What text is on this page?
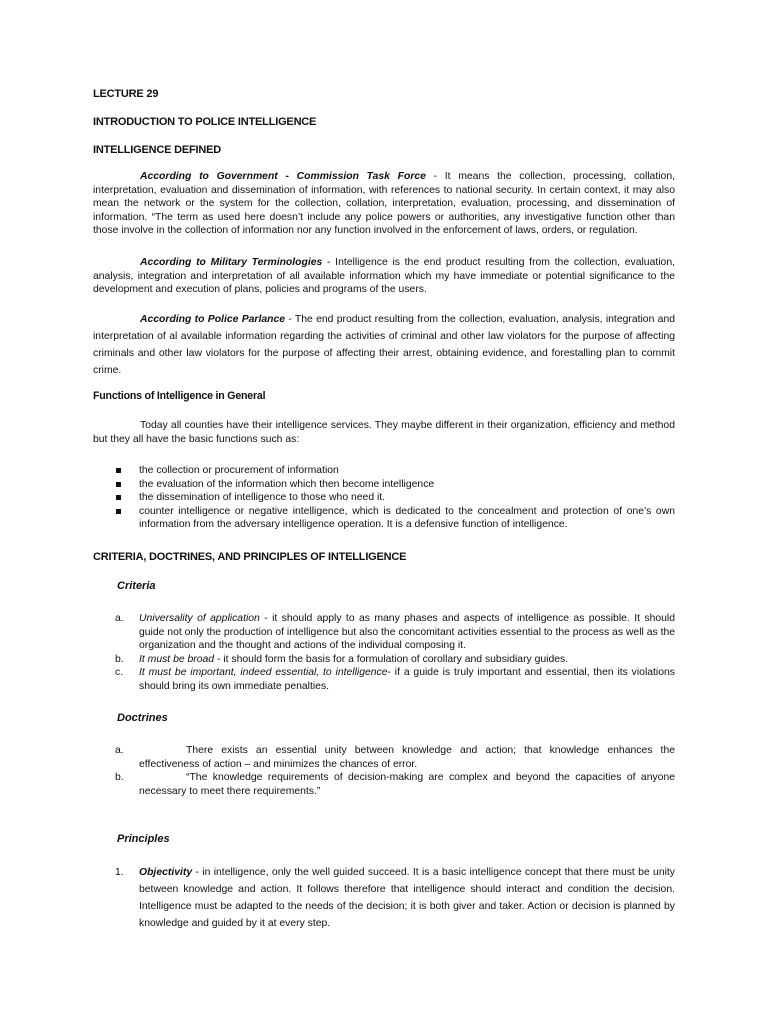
LECTURE 29
INTRODUCTION TO POLICE INTELLIGENCE
INTELLIGENCE DEFINED
According to Government - Commission Task Force - It means the collection, processing, collation, interpretation, evaluation and dissemination of information, with references to national security. In certain context, it may also mean the network or the system for the collection, collation, interpretation, evaluation, processing, and dissemination of information. “The term as used here doesn’t include any police powers or authorities, any investigative function other than those involve in the collection of information nor any function involved in the enforcement of laws, orders, or regulation.
According to Military Terminologies - Intelligence is the end product resulting from the collection, evaluation, analysis, integration and interpretation of all available information which my have immediate or potential significance to the development and execution of plans, policies and programs of the users.
According to Police Parlance - The end product resulting from the collection, evaluation, analysis, integration and interpretation of al available information regarding the activities of criminal and other law violators for the purpose of affecting criminals and other law violators for the purpose of affecting their arrest, obtaining evidence, and forestalling plan to commit crime.
Functions of Intelligence in General
Today all counties have their intelligence services. They maybe different in their organization, efficiency and method but they all have the basic functions such as:
the collection or procurement of information
the evaluation of the information which then become intelligence
the dissemination of intelligence to those who need it.
counter intelligence or negative intelligence, which is dedicated to the concealment and protection of one’s own information from the adversary intelligence operation. It is a defensive function of intelligence.
CRITERIA, DOCTRINES, AND PRINCIPLES OF INTELLIGENCE
Criteria
a. Universality of application - it should apply to as many phases and aspects of intelligence as possible. It should guide not only the production of intelligence but also the concomitant activities essential to the process as well as the organization and the thought and actions of the individual composing it.
b. It must be broad - it should form the basis for a formulation of corollary and subsidiary guides.
c. It must be important, indeed essential, to intelligence- if a guide is truly important and essential, then its violations should bring its own immediate penalties.
Doctrines
a.	There exists an essential unity between knowledge and action; that knowledge enhances the effectiveness of action – and minimizes the chances of error.
b.	“The knowledge requirements of decision-making are complex and beyond the capacities of anyone necessary to meet there requirements.”
Principles
1. Objectivity - in intelligence, only the well guided succeed. It is a basic intelligence concept that there must be unity between knowledge and action. It follows therefore that intelligence should interact and condition the decision. Intelligence must be adapted to the needs of the decision; it is both giver and taker. Action or decision is planned by knowledge and guided by it at every step.
